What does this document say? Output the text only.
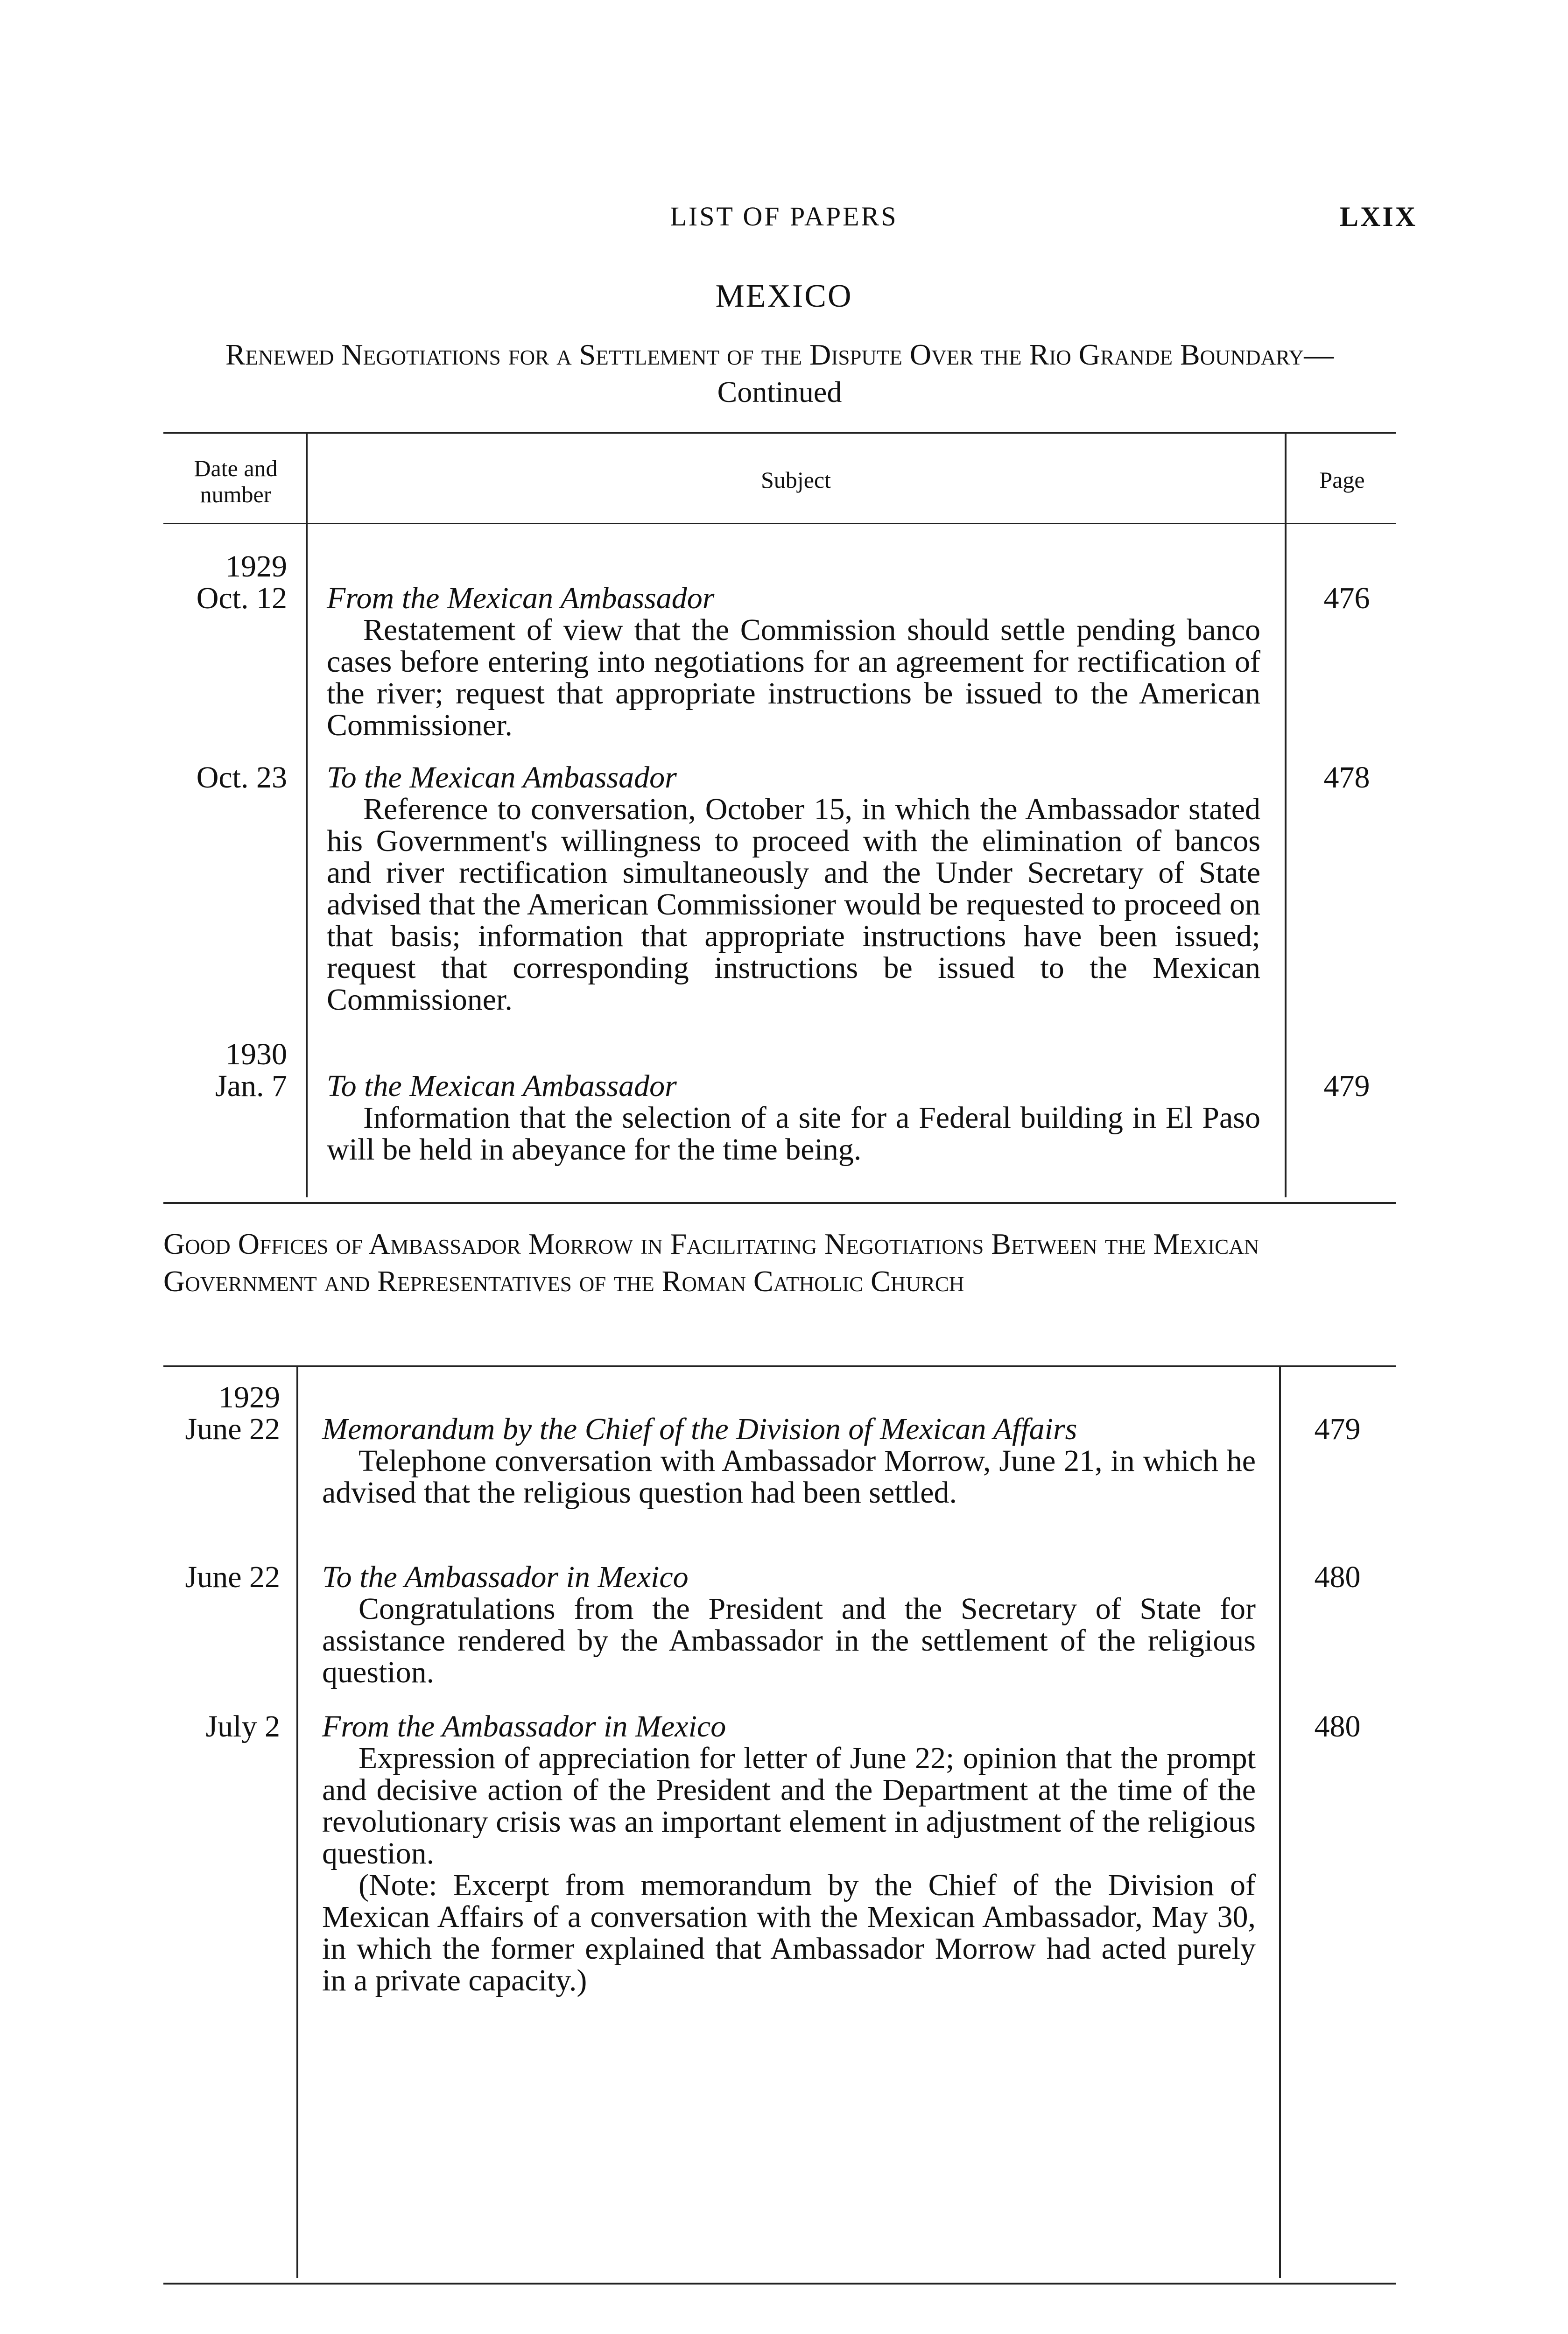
LIST OF PAPERS	LXIX
MEXICO
Renewed Negotiations for a Settlement of the Dispute Over the Rio Grande Boundary—Continued
Date and number
Subject	Page
1929
Oct. 12 From the Mexican Ambassador

Restatement of view that the Commission should settle pending banco cases before entering into negotiations for an agreement for rectification of the river; request that appropriate instructions be issued to the American Commissioner.

476
Oct. 23 To the Mexican Ambassador

Reference to conversation, October 15, in which the Ambassador stated his Government's willingness to proceed with the elimination of bancos and river rectification simultaneously and the Under Secretary of State advised that the American Commissioner would be requested to proceed on that basis; information that appropriate instructions have been issued; request that corresponding instructions be issued to the Mexican Commissioner.

478
1930
Jan. 7 To the Mexican Ambassador

Information that the selection of a site for a Federal building in El Paso will be held in abeyance for the time being.

479
Good Offices of Ambassador Morrow in Facilitating Negotiations Between the Mexican Government and Representatives of the Roman Catholic Church
1929
June 22 Memorandum by the Chief of the Division of Mexican Affairs

Telephone conversation with Ambassador Morrow, June 21, in which he advised that the religious question had been settled.

479
June 22 To the Ambassador in Mexico

Congratulations from the President and the Secretary of State for assistance rendered by the Ambassador in the settlement of the religious question.

480
July 2 From the Ambassador in Mexico

Expression of appreciation for letter of June 22; opinion that the prompt and decisive action of the President and the Department at the time of the revolutionary crisis was an important element in adjustment of the religious question.

(Note: Excerpt from memorandum by the Chief of the Division of Mexican Affairs of a conversation with the Mexican Ambassador, May 30, in which the former explained that Ambassador Morrow had acted purely in a private capacity.)

480
